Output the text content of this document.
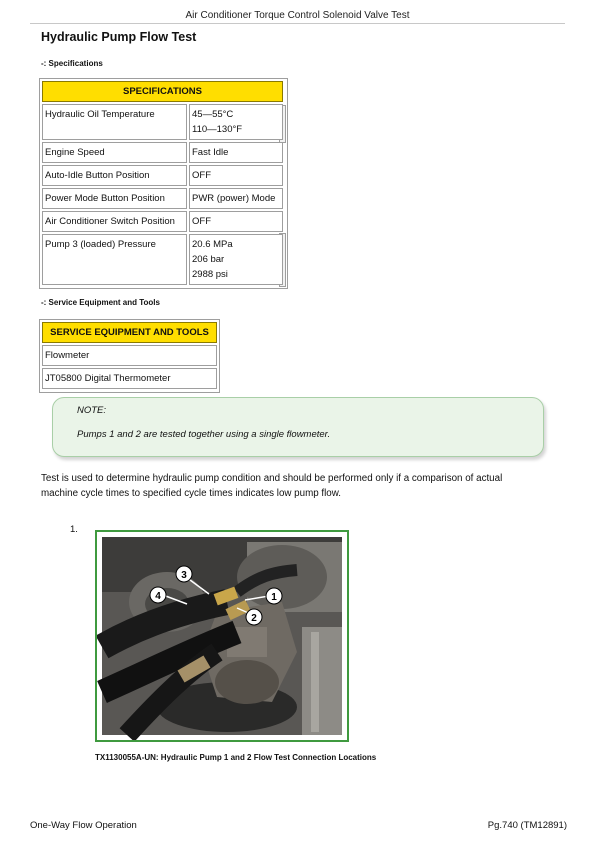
Air Conditioner Torque Control Solenoid Valve Test
Hydraulic Pump Flow Test
-: Specifications
SPECIFICATIONS	
Hydraulic Oil Temperature	45—55°C
110—130°F

Engine Speed	Fast Idle
Auto-Idle Button Position	OFF
Power Mode Button Position	PWR (power) Mode
Air Conditioner Switch Position	OFF
Pump 3 (loaded) Pressure	20.6 MPa
206 bar
2988 psi
-: Service Equipment and Tools
SERVICE EQUIPMENT AND TOOLS
Flowmeter
JT05800 Digital Thermometer
NOTE:
Pumps 1 and 2 are tested together using a single flowmeter.
Test is used to determine hydraulic pump condition and should be performed only if a comparison of actual machine cycle times to specified cycle times indicates low pump flow.
1.
3
4	1
2
TX1130055A-UN: Hydraulic Pump 1 and 2 Flow Test Connection Locations
One-Way Flow Operation	Pg.740 (TM12891)
